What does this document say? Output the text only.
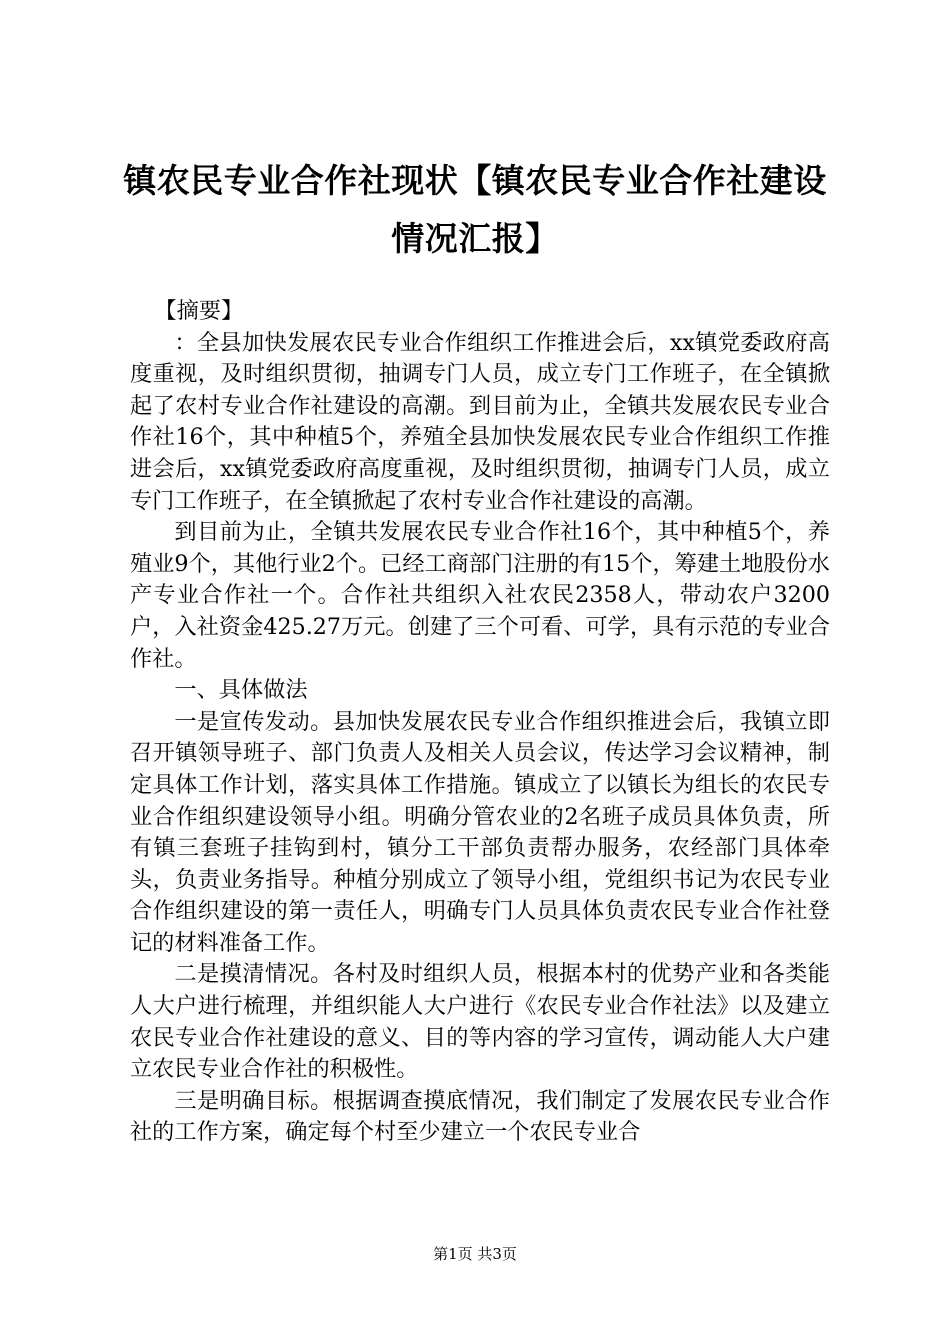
镇农民专业合作社现状【镇农民专业合作社建设情况汇报】

【摘要】

：全县加快发展农民专业合作组织工作推进会后，xx镇党委政府高度重视，及时组织贯彻，抽调专门人员，成立专门工作班子，在全镇掀起了农村专业合作社建设的高潮。到目前为止，全镇共发展农民专业合作社16个，其中种植5个，养殖全县加快发展农民专业合作组织工作推进会后，xx镇党委政府高度重视，及时组织贯彻，抽调专门人员，成立专门工作班子，在全镇掀起了农村专业合作社建设的高潮。

到目前为止，全镇共发展农民专业合作社16个，其中种植5个，养殖业9个，其他行业2个。已经工商部门注册的有15个，筹建土地股份水产专业合作社一个。合作社共组织入社农民2358人，带动农户3200户，入社资金425.27万元。创建了三个可看、可学，具有示范的专业合作社。

一、具体做法

一是宣传发动。县加快发展农民专业合作组织推进会后，我镇立即召开镇领导班子、部门负责人及相关人员会议，传达学习会议精神，制定具体工作计划，落实具体工作措施。镇成立了以镇长为组长的农民专业合作组织建设领导小组。明确分管农业的2名班子成员具体负责，所有镇三套班子挂钩到村，镇分工干部负责帮办服务，农经部门具体牵头，负责业务指导。种植分别成立了领导小组，党组织书记为农民专业合作组织建设的第一责任人，明确专门人员具体负责农民专业合作社登记的材料准备工作。

二是摸清情况。各村及时组织人员，根据本村的优势产业和各类能人大户进行梳理，并组织能人大户进行《农民专业合作社法》以及建立农民专业合作社建设的意义、目的等内容的学习宣传，调动能人大户建立农民专业合作社的积极性。

三是明确目标。根据调查摸底情况，我们制定了发展农民专业合作社的工作方案，确定每个村至少建立一个农民专业合

第1页 共3页
